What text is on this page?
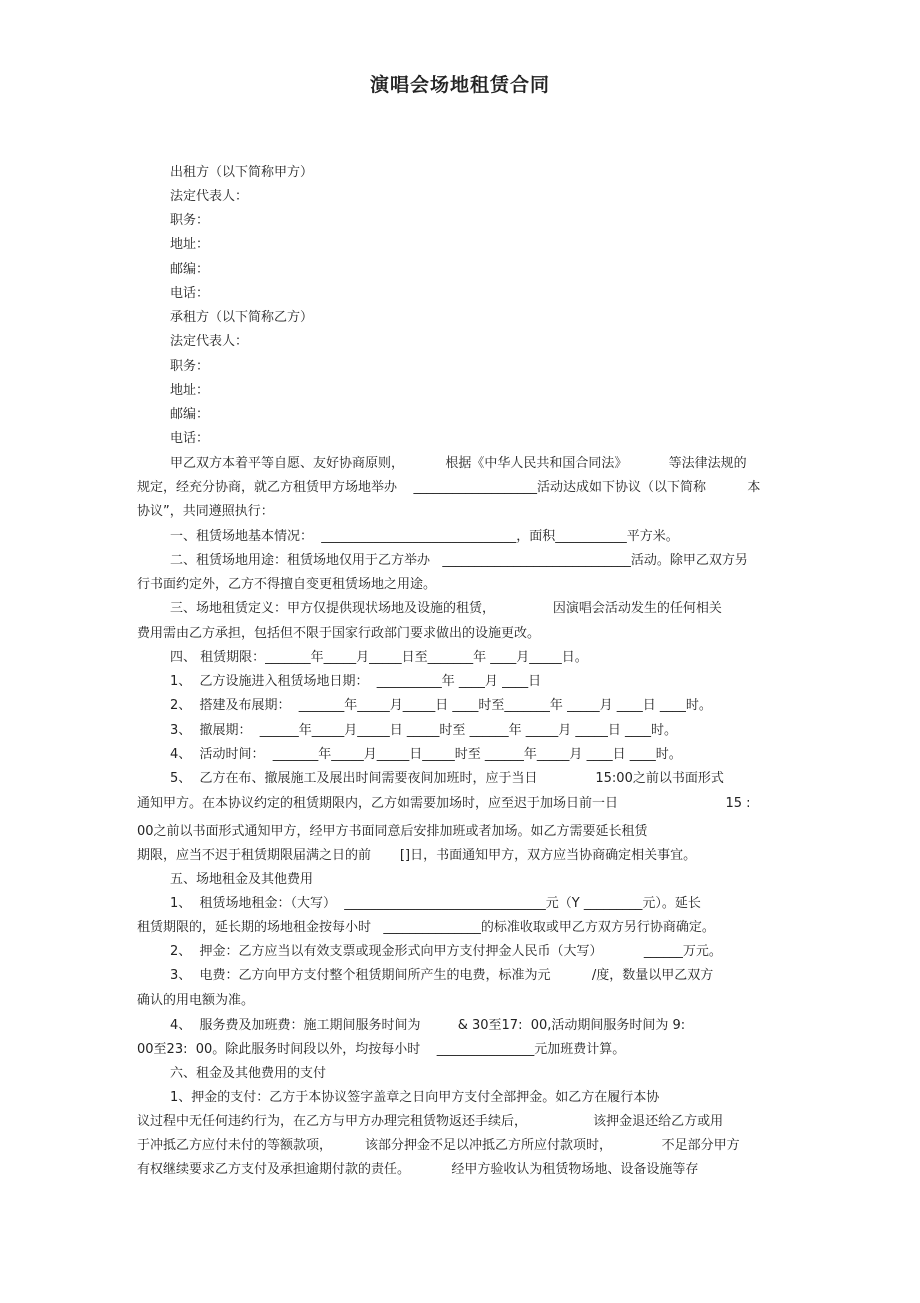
演唱会场地租赁合同
出租方（以下简称甲方）
法定代表人：
职务：
地址：
邮编：
电话：
承租方（以下简称乙方）
法定代表人：
职务：
地址：
邮编：
电话：
甲乙双方本着平等自愿、友好协商原则，          根据《中华人民共和国合同法》          等法律法规的
规定，经充分协商，就乙方租赁甲方场地举办    ___________________活动达成如下协议（以下简称          本
协议”，共同遵照执行：
一、租赁场地基本情况：  ______________________________，面积___________平方米。
二、租赁场地用途：租赁场地仅用于乙方举办   _____________________________活动。除甲乙双方另
行书面约定外，乙方不得擅自变更租赁场地之用途。
三、场地租赁定义：甲方仅提供现状场地及设施的租赁，              因演唱会活动发生的任何相关
费用需由乙方承担，包括但不限于国家行政部门要求做出的设施更改。
四、 租赁期限：_______年_____月_____日至_______年 ____月_____日。
1、  乙方设施进入租赁场地日期：  __________年 ____月 ____日
2、  搭建及布展期：  _______年_____月_____日 ____时至_______年 _____月 ____日 ____时。
3、  撤展期：  ______年_____月_____日 _____时至 ______年 _____月 _____日 ____时。
4、  活动时间：  _______年_____月_____日_____时至 ______年_____月 ____日 ____时。
5、  乙方在布、撤展施工及展出时间需要夜间加班时，应于当日              15:00之前以书面形式
通知甲方。在本协议约定的租赁期限内，乙方如需要加场时，应至迟于加场日前一日                          15 :
00之前以书面形式通知甲方，经甲方书面同意后安排加班或者加场。如乙方需要延长租赁
期限，应当不迟于租赁期限届满之日的前       []日，书面通知甲方，双方应当协商确定相关事宜。
五、场地租金及其他费用
1、  租赁场地租金：（大写）  _______________________________元（Y _________元）。延长
租赁期限的，延长期的场地租金按每小时   _______________的标准收取或甲乙方双方另行协商确定。
2、  押金：乙方应当以有效支票或现金形式向甲方支付押金人民币（大写）          ______万元。
3、  电费：乙方向甲方支付整个租赁期间所产生的电费，标准为元          /度，数量以甲乙双方
确认的用电额为准。
4、  服务费及加班费：施工期间服务时间为         & 30至17:  00,活动期间服务时间为 9:
00至23:  00。除此服务时间段以外，均按每小时    _______________元加班费计算。
六、租金及其他费用的支付
1、押金的支付：乙方于本协议签字盖章之日向甲方支付全部押金。如乙方在履行本协
议过程中无任何违约行为，在乙方与甲方办理完租赁物返还手续后，                该押金退还给乙方或用
于冲抵乙方应付未付的等额款项，        该部分押金不足以冲抵乙方所应付款项时，            不足部分甲方
有权继续要求乙方支付及承担逾期付款的责任。          经甲方验收认为租赁物场地、设备设施等存
